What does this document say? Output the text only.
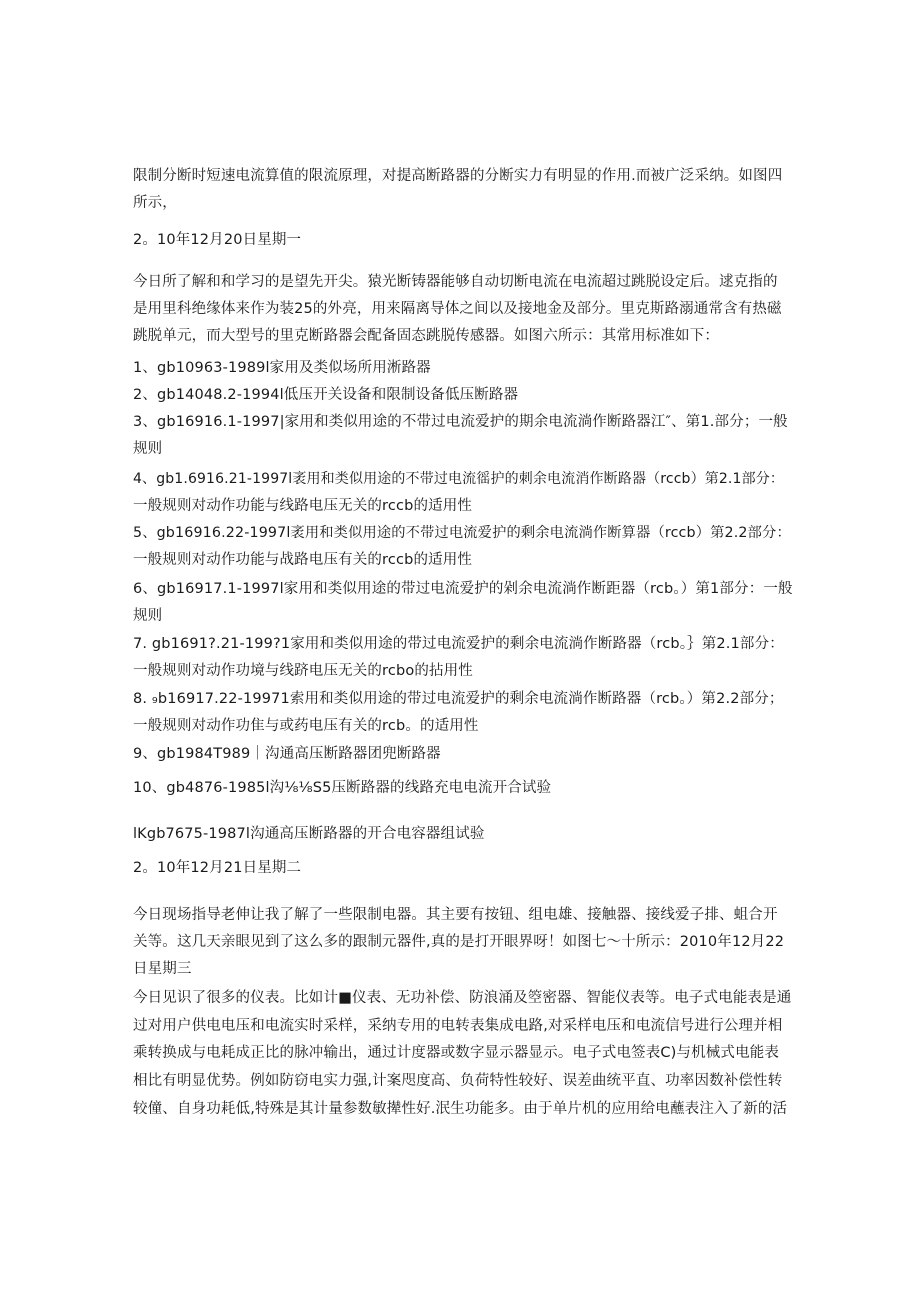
限制分断时短速电流算值的限流原理，对提高断路器的分断实力有明显的作用.而被广泛采纳。如图四
所示，
2。10年12月20日星期一
今日所了解和和学习的是望先开尖。猿光断铸器能够自动切断电流在电流超过跳脱设定后。逑克指的
是用里科绝缘体来作为装25的外亮，用来隔离导体之间以及接地金及部分。里克斯路溺通常含有热磁
跳脱单元，而大型号的里克断路器会配备固态跳脱传感器。如图六所示：其常用标准如下：
1、gb10963-1989l家用及类似场所用淅路器
2、gb14048.2-1994l低压开关设备和限制设备低压断路器
3、gb16916.1-1997|家用和类似用途的不带过电流爱护的期余电流淌作断路器江″、第1.部分；一般
规则
4、gb1.6916.21-1997l袤用和类似用途的不带过电流徭护的刺余电流消作断路器（rccb）第2.1部分：
一般规则对动作功能与线路电压无关的rccb的适用性
5、gb16916.22-1997l袤用和类似用途的不带过电流爱护的剩余电流淌作断算器（rccb）第2.2部分：
一般规则对动作功能与战路电压有关的rccb的适用性
6、gb16917.1-1997l家用和类似用途的带过电流爱护的剁余电流淌作断距器（rcb。）第1部分：一般
规则
7. gb1691?.21-199?1家用和类似用途的带过电流爱护的剩余电流淌作断路器（rcb。｝第2.1部分：
一般规则对动作功境与线跻电压无关的rcbo的拈用性
8. ₉b16917.22-19971索用和类似用途的带过电流爱护的剩余电流淌作断路器（rcb。）第2.2部分；
一般规则对动作功隹与或药电压有关的rcb。的适用性
9、gb1984T989｜沟通高压断路器团兜断路器
10、gb4876-1985l沟⅛⅛S5压断路器的线路充电电流开合试验
lKgb7675-1987l沟通高压断路器的开合电容器组试验
2。10年12月21日星期二
今日现场指导老伸让我了解了一些限制电器。其主要有按钮、组电雄、接触器、接线爱子排、蛆合开
关等。这几天亲眼见到了这么多的跟制元器件,真的是打开眼界呀！如图七〜十所示：2010年12月22
日星期三
今日见识了很多的仪表。比如计■仪表、无功补偿、防浪涌及箜密器、智能仪表等。电子式电能表是通
过对用户供电电压和电流实时采样，采纳专用的电转表集成电路,对采样电压和电流信号进行公理并相
乘转换成与电耗成正比的脉冲输出，通过计度器或数字显示器显示。电子式电签表C)与机械式电能表
相比有明显优势。例如防窃电实力强,计案咫度高、负荷特性较好、误差曲统平直、功率因数补偿性转
较僮、自身功耗低,特殊是其计量参数敏撵性好.泯生功能多。由于单片机的应用给电蘸表注入了新的活
